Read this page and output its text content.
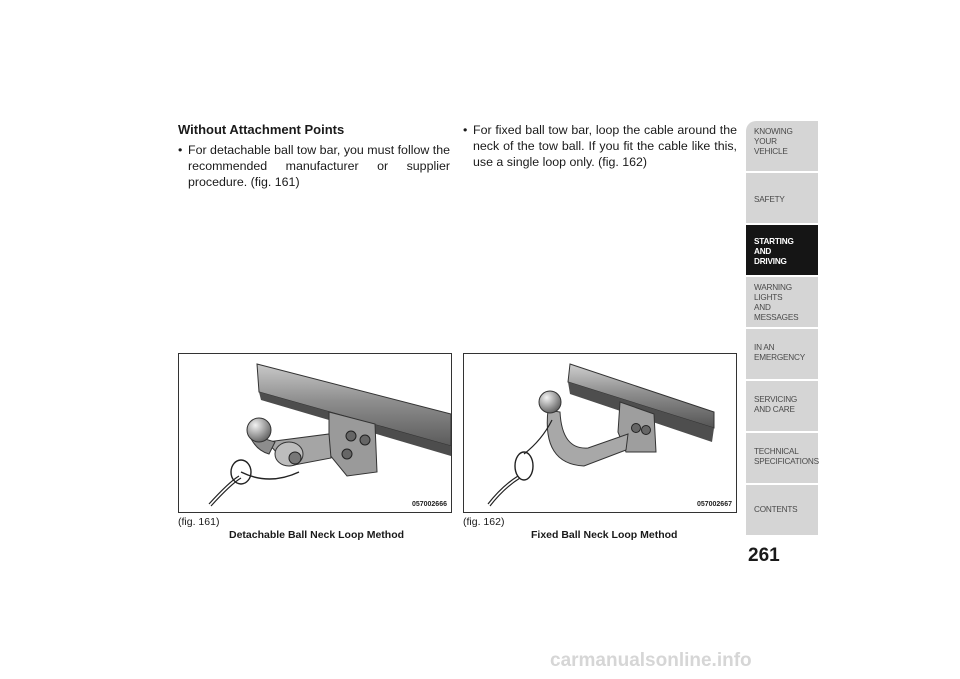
Without Attachment Points
• For detachable ball tow bar, you must follow the recommended manufacturer or supplier procedure. (fig. 161)
• For fixed ball tow bar, loop the cable around the neck of the tow ball. If you fit the cable like this, use a single loop only. (fig. 162)
057002666
(fig. 161)
Detachable Ball Neck Loop Method
057002667
(fig. 162)
Fixed Ball Neck Loop Method
KNOWING
YOUR
VEHICLE
SAFETY
STARTING
AND
DRIVING
WARNING
LIGHTS
AND
MESSAGES
IN AN
EMERGENCY
SERVICING
AND CARE
TECHNICAL
SPECIFICATIONS
CONTENTS
261
carmanualsonline.info
